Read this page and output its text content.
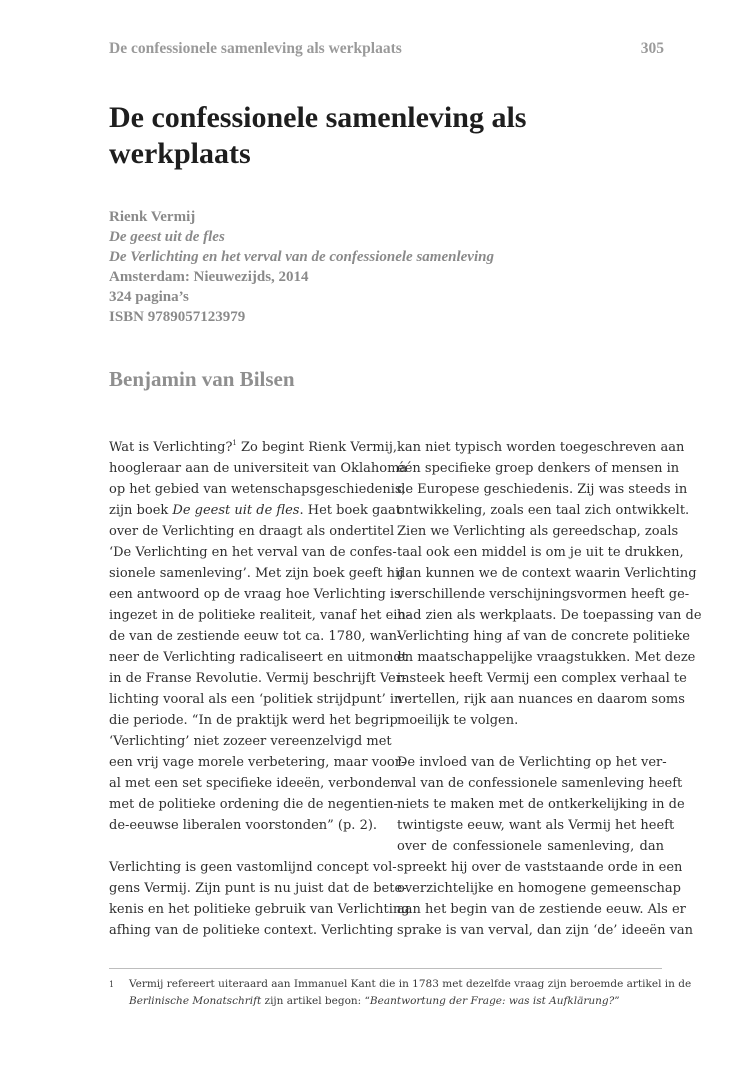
De confessionele samenleving als werkplaats	305
De confessionele samenleving als
werkplaats
Rienk Vermij
De geest uit de fles
De Verlichting en het verval van de confessionele samenleving
Amsterdam: Nieuwezijds, 2014
324 pagina’s
ISBN 9789057123979
Benjamin van Bilsen
Wat is Verlichting?$^1$ Zo begint Rienk Vermij,
hoogleraar aan de universiteit van Oklahoma
op het gebied van wetenschapsgeschiedenis,
zijn boek De geest uit de fles. Het boek gaat
over de Verlichting en draagt als ondertitel
‘De Verlichting en het verval van de confes-
sionele samenleving’. Met zijn boek geeft hij
een antwoord op de vraag hoe Verlichting is
ingezet in de politieke realiteit, vanaf het ein-
de van de zestiende eeuw tot ca. 1780, wan-
neer de Verlichting radicaliseert en uitmondt
in de Franse Revolutie. Vermij beschrijft Ver-
lichting vooral als een ‘politiek strijdpunt’ in
die periode. “In de praktijk werd het begrip
‘Verlichting’ niet zozeer vereenzelvigd met
een vrij vage morele verbetering, maar voor-
al met een set specifieke ideeën, verbonden
met de politieke ordening die de negentien-
de-eeuwse liberalen voorstonden” (p. 2).
Verlichting is geen vastomlijnd concept vol-
gens Vermij. Zijn punt is nu juist dat de bete-
kenis en het politieke gebruik van Verlichting
afhing van de politieke context. Verlichting
kan niet typisch worden toegeschreven aan
één specifieke groep denkers of mensen in
de Europese geschiedenis. Zij was steeds in
ontwikkeling, zoals een taal zich ontwikkelt.
Zien we Verlichting als gereedschap, zoals
taal ook een middel is om je uit te drukken,
dan kunnen we de context waarin Verlichting
verschillende verschijningsvormen heeft ge-
had zien als werkplaats. De toepassing van de
Verlichting hing af van de concrete politieke
en maatschappelijke vraagstukken. Met deze
insteek heeft Vermij een complex verhaal te
vertellen, rijk aan nuances en daarom soms
moeilijk te volgen.
De invloed van de Verlichting op het ver-
val van de confessionele samenleving heeft
niets te maken met de ontkerkelijking in de
twintigste eeuw, want als Vermij het heeft
over de confessionele samenleving, dan
spreekt hij over de vaststaande orde in een
overzichtelijke en homogene gemeenschap
aan het begin van de zestiende eeuw. Als er
sprake is van verval, dan zijn ‘de’ ideeën van
1 Vermij refereert uiteraard aan Immanuel Kant die in 1783 met dezelfde vraag zijn beroemde artikel in de
Berlinische Monatschrift zijn artikel begon: “Beantwortung der Frage: was ist Aufklärung?”
